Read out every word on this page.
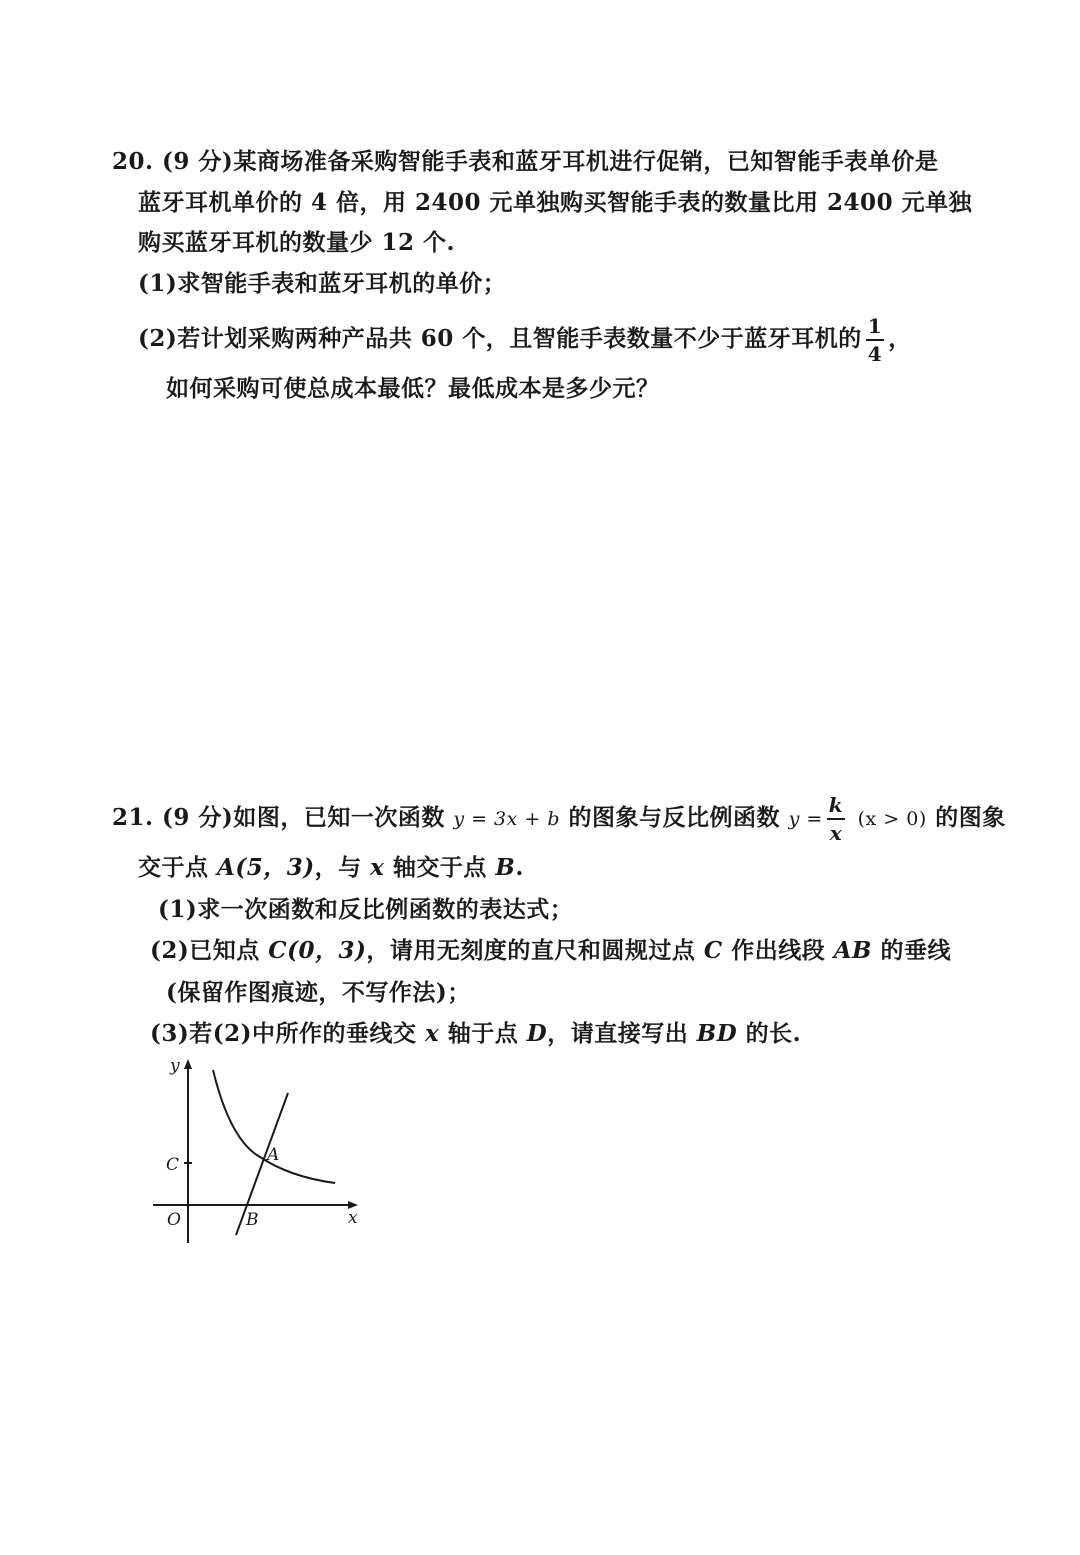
20. (9 分)某商场准备采购智能手表和蓝牙耳机进行促销，已知智能手表单价是
蓝牙耳机单价的 4 倍，用 2400 元单独购买智能手表的数量比用 2400 元单独
购买蓝牙耳机的数量少 12 个.
(1)求智能手表和蓝牙耳机的单价；
(2)若计划采购两种产品共 60 个，且智能手表数量不少于蓝牙耳机的 $\frac{1}{4}$ ，
如何采购可使总成本最低？最低成本是多少元？
21. (9 分)如图，已知一次函数 y = 3x + b 的图象与反比例函数 $y = \frac{k}{x} (x > 0)$ 的图象
交于点 A(5，3)，与 x 轴交于点 B.
(1)求一次函数和反比例函数的表达式；
(2)已知点 C(0，3)，请用无刻度的直尺和圆规过点 C 作出线段 AB 的垂线
(保留作图痕迹，不写作法)；
(3)若(2)中所作的垂线交 x 轴于点 D，请直接写出 BD 的长.
y
x
O
C	A
B
